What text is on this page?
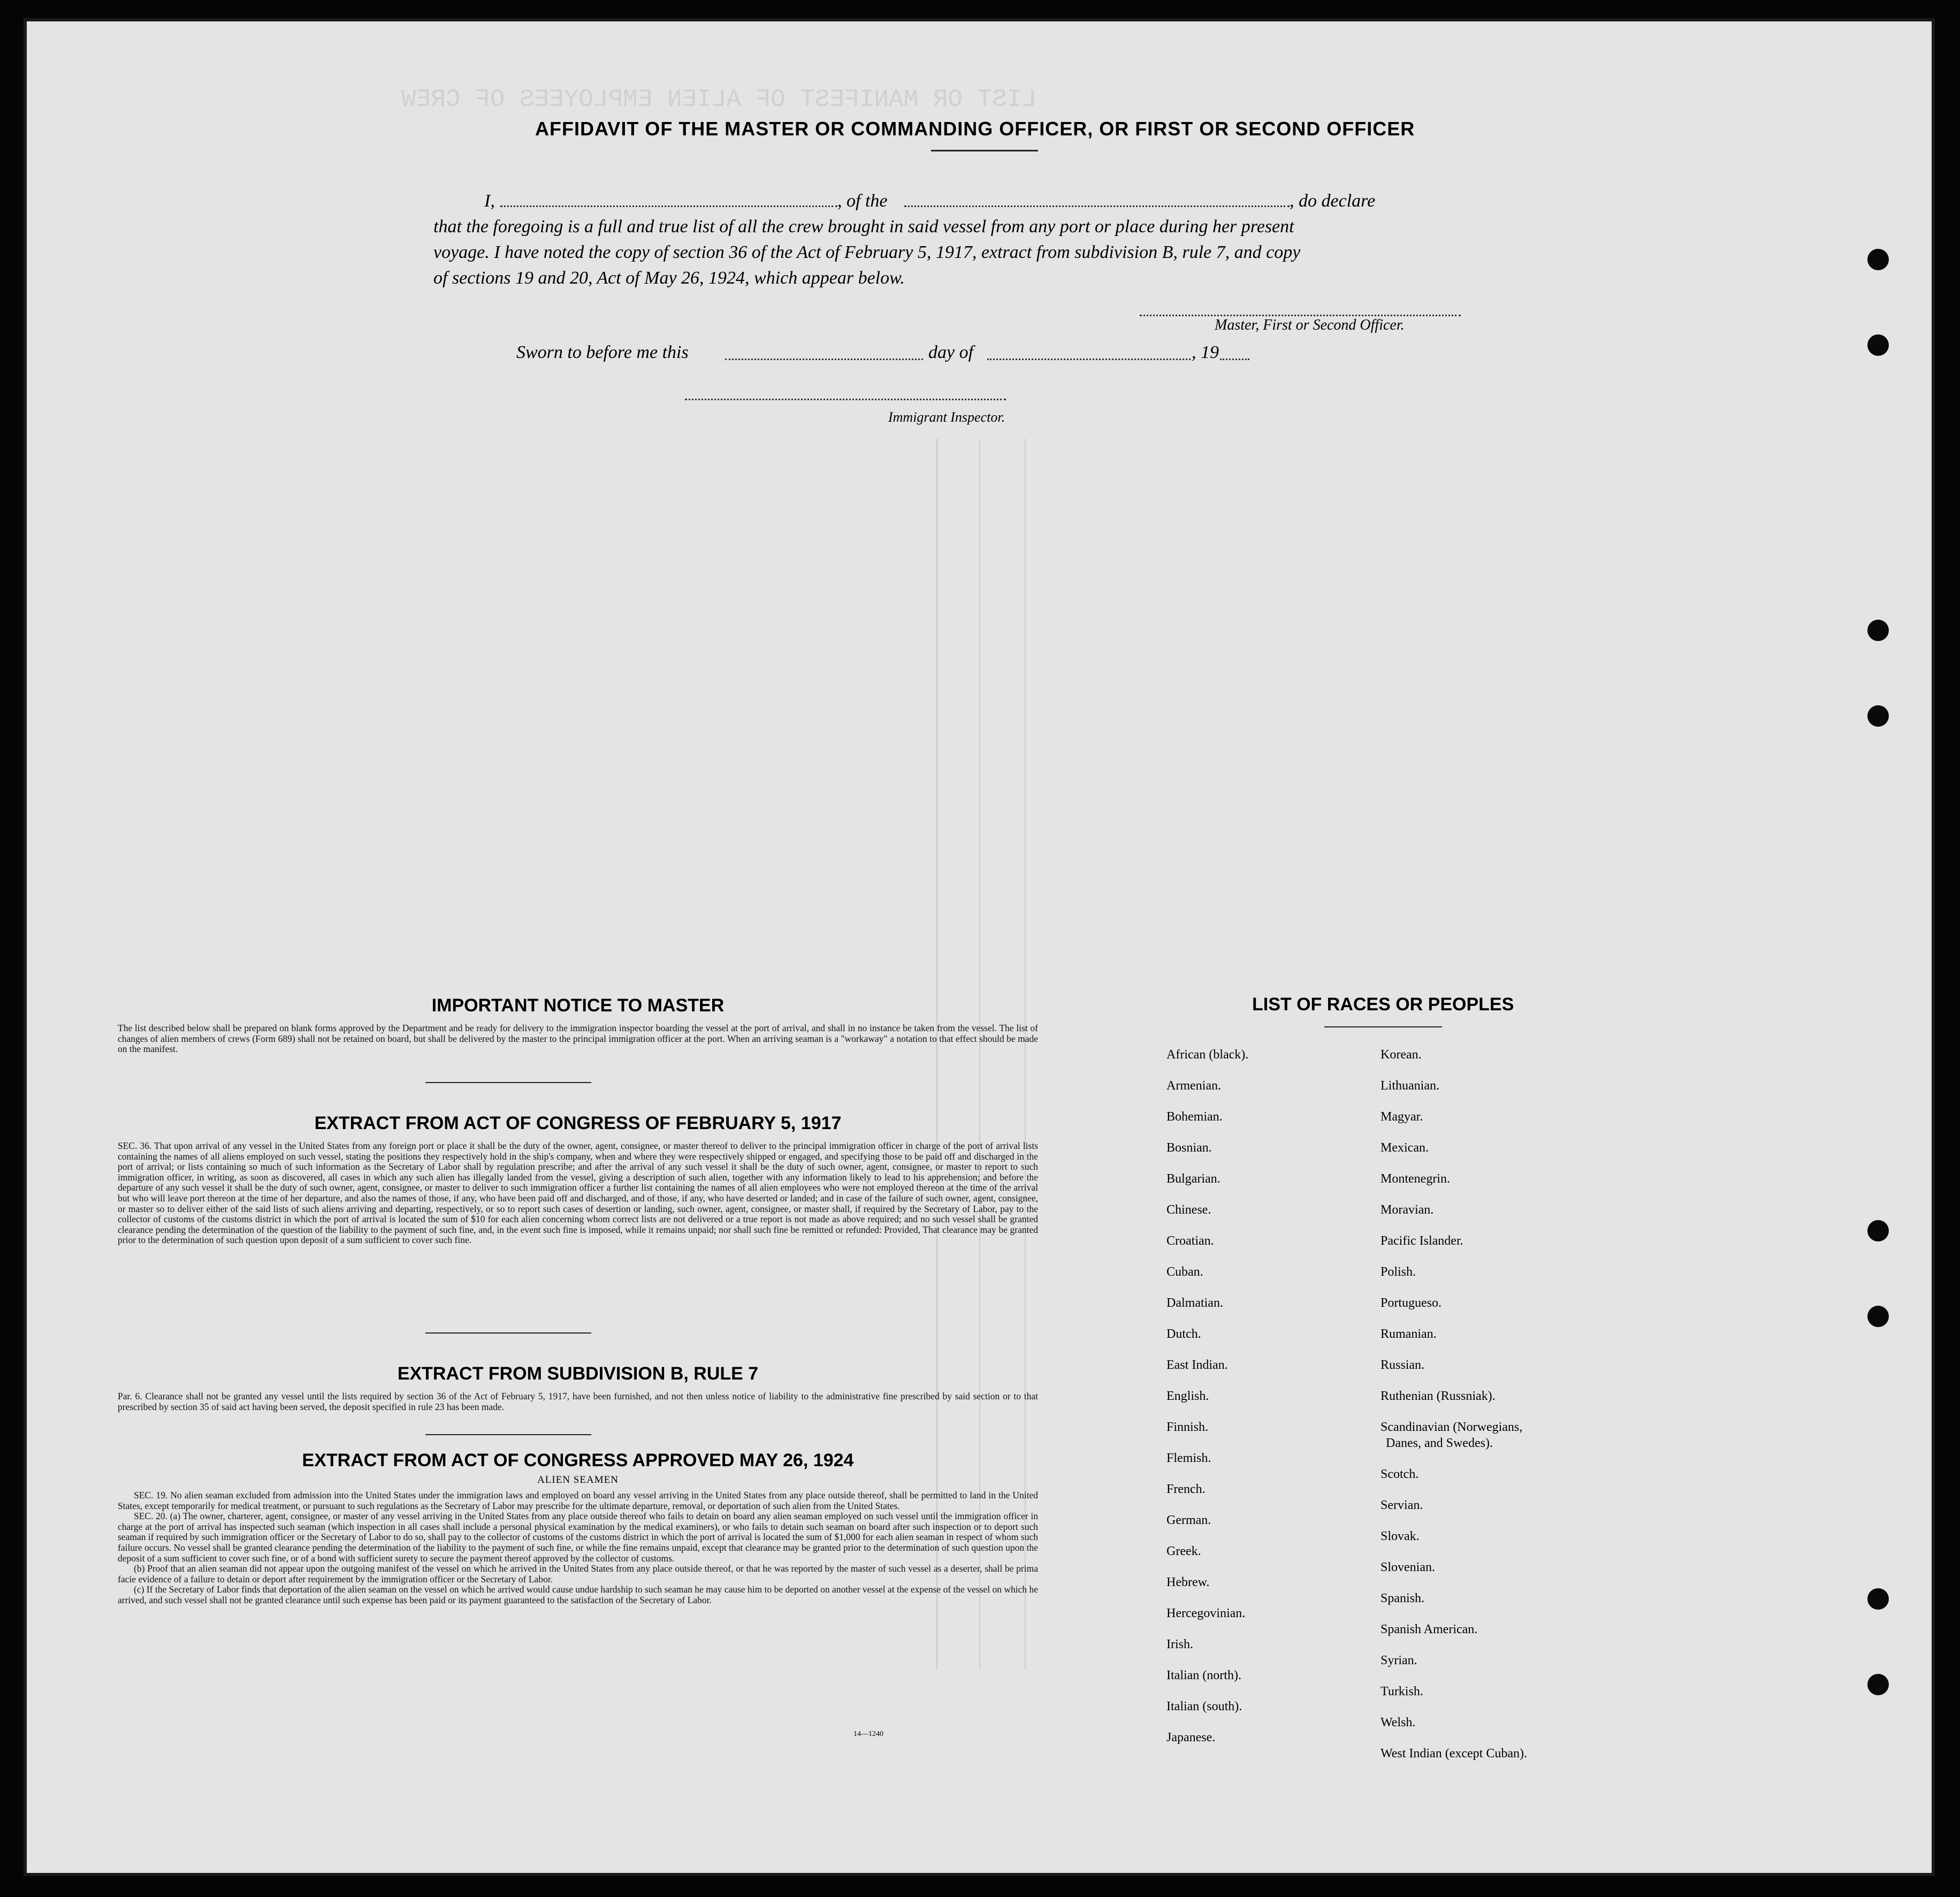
LIST OR MANIFEST OF ALIEN EMPLOYEES OF CREW
AFFIDAVIT OF THE MASTER OR COMMANDING OFFICER, OR FIRST OR SECOND OFFICER
I,	, of the	, do declare
that the foregoing is a full and true list of all the crew brought in said vessel from any port or place during her present
voyage. I have noted the copy of section 36 of the Act of February 5, 1917, extract from subdivision B, rule 7, and copy
of sections 19 and 20, Act of May 26, 1924, which appear below.
Master, First or Second Officer.
Sworn to before me this	day of	, 19
Immigrant Inspector.
IMPORTANT NOTICE TO MASTER
The list described below shall be prepared on blank forms approved by the Department and be ready for delivery to the immigration inspector boarding the vessel at the port of arrival, and shall in no instance be taken from the vessel. The list of changes of alien members of crews (Form 689) shall not be retained on board, but shall be delivered by the master to the principal immigration officer at the port. When an arriving seaman is a "workaway" a notation to that effect should be made on the manifest.
EXTRACT FROM ACT OF CONGRESS OF FEBRUARY 5, 1917
SEC. 36. That upon arrival of any vessel in the United States from any foreign port or place it shall be the duty of the owner, agent, consignee, or master thereof to deliver to the principal immigration officer in charge of the port of arrival lists containing the names of all aliens employed on such vessel, stating the positions they respectively hold in the ship's company, when and where they were respectively shipped or engaged, and specifying those to be paid off and discharged in the port of arrival; or lists containing so much of such information as the Secretary of Labor shall by regulation prescribe; and after the arrival of any such vessel it shall be the duty of such owner, agent, consignee, or master to report to such immigration officer, in writing, as soon as discovered, all cases in which any such alien has illegally landed from the vessel, giving a description of such alien, together with any information likely to lead to his apprehension; and before the departure of any such vessel it shall be the duty of such owner, agent, consignee, or master to deliver to such immigration officer a further list containing the names of all alien employees who were not employed thereon at the time of the arrival but who will leave port thereon at the time of her departure, and also the names of those, if any, who have been paid off and discharged, and of those, if any, who have deserted or landed; and in case of the failure of such owner, agent, consignee, or master so to deliver either of the said lists of such aliens arriving and departing, respectively, or so to report such cases of desertion or landing, such owner, agent, consignee, or master shall, if required by the Secretary of Labor, pay to the collector of customs of the customs district in which the port of arrival is located the sum of $10 for each alien concerning whom correct lists are not delivered or a true report is not made as above required; and no such vessel shall be granted clearance pending the determination of the question of the liability to the payment of such fine, and, in the event such fine is imposed, while it remains unpaid; nor shall such fine be remitted or refunded: Provided, That clearance may be granted prior to the determination of such question upon deposit of a sum sufficient to cover such fine.
EXTRACT FROM SUBDIVISION B, RULE 7
Par. 6. Clearance shall not be granted any vessel until the lists required by section 36 of the Act of February 5, 1917, have been furnished, and not then unless notice of liability to the administrative fine prescribed by said section or to that prescribed by section 35 of said act having been served, the deposit specified in rule 23 has been made.
EXTRACT FROM ACT OF CONGRESS APPROVED MAY 26, 1924
ALIEN SEAMEN
SEC. 19. No alien seaman excluded from admission into the United States under the immigration laws and employed on board any vessel arriving in the United States from any place outside thereof, shall be permitted to land in the United States, except temporarily for medical treatment, or pursuant to such regulations as the Secretary of Labor may prescribe for the ultimate departure, removal, or deportation of such alien from the United States.
SEC. 20. (a) The owner, charterer, agent, consignee, or master of any vessel arriving in the United States from any place outside thereof who fails to detain on board any alien seaman employed on such vessel until the immigration officer in charge at the port of arrival has inspected such seaman (which inspection in all cases shall include a personal physical examination by the medical examiners), or who fails to detain such seaman on board after such inspection or to deport such seaman if required by such immigration officer or the Secretary of Labor to do so, shall pay to the collector of customs of the customs district in which the port of arrival is located the sum of $1,000 for each alien seaman in respect of whom such failure occurs. No vessel shall be granted clearance pending the determination of the liability to the payment of such fine, or while the fine remains unpaid, except that clearance may be granted prior to the determination of such question upon the deposit of a sum sufficient to cover such fine, or of a bond with sufficient surety to secure the payment thereof approved by the collector of customs.
(b) Proof that an alien seaman did not appear upon the outgoing manifest of the vessel on which he arrived in the United States from any place outside thereof, or that he was reported by the master of such vessel as a deserter, shall be prima facie evidence of a failure to detain or deport after requirement by the immigration officer or the Secretary of Labor.
(c) If the Secretary of Labor finds that deportation of the alien seaman on the vessel on which he arrived would cause undue hardship to such seaman he may cause him to be deported on another vessel at the expense of the vessel on which he arrived, and such vessel shall not be granted clearance until such expense has been paid or its payment guaranteed to the satisfaction of the Secretary of Labor.
14—1240
LIST OF RACES OR PEOPLES
African (black).
Armenian.
Bohemian.
Bosnian.
Bulgarian.
Chinese.
Croatian.
Cuban.
Dalmatian.
Dutch.
East Indian.
English.
Finnish.
Flemish.
French.
German.
Greek.
Hebrew.
Hercegovinian.
Irish.
Italian (north).
Italian (south).
Japanese.
Korean.
Lithuanian.
Magyar.
Mexican.
Montenegrin.
Moravian.
Pacific Islander.
Polish.
Portugueso.
Rumanian.
Russian.
Ruthenian (Russniak).
Scandinavian (Norwegians,
Danes, and Swedes).
Scotch.
Servian.
Slovak.
Slovenian.
Spanish.
Spanish American.
Syrian.
Turkish.
Welsh.
West Indian (except Cuban).
